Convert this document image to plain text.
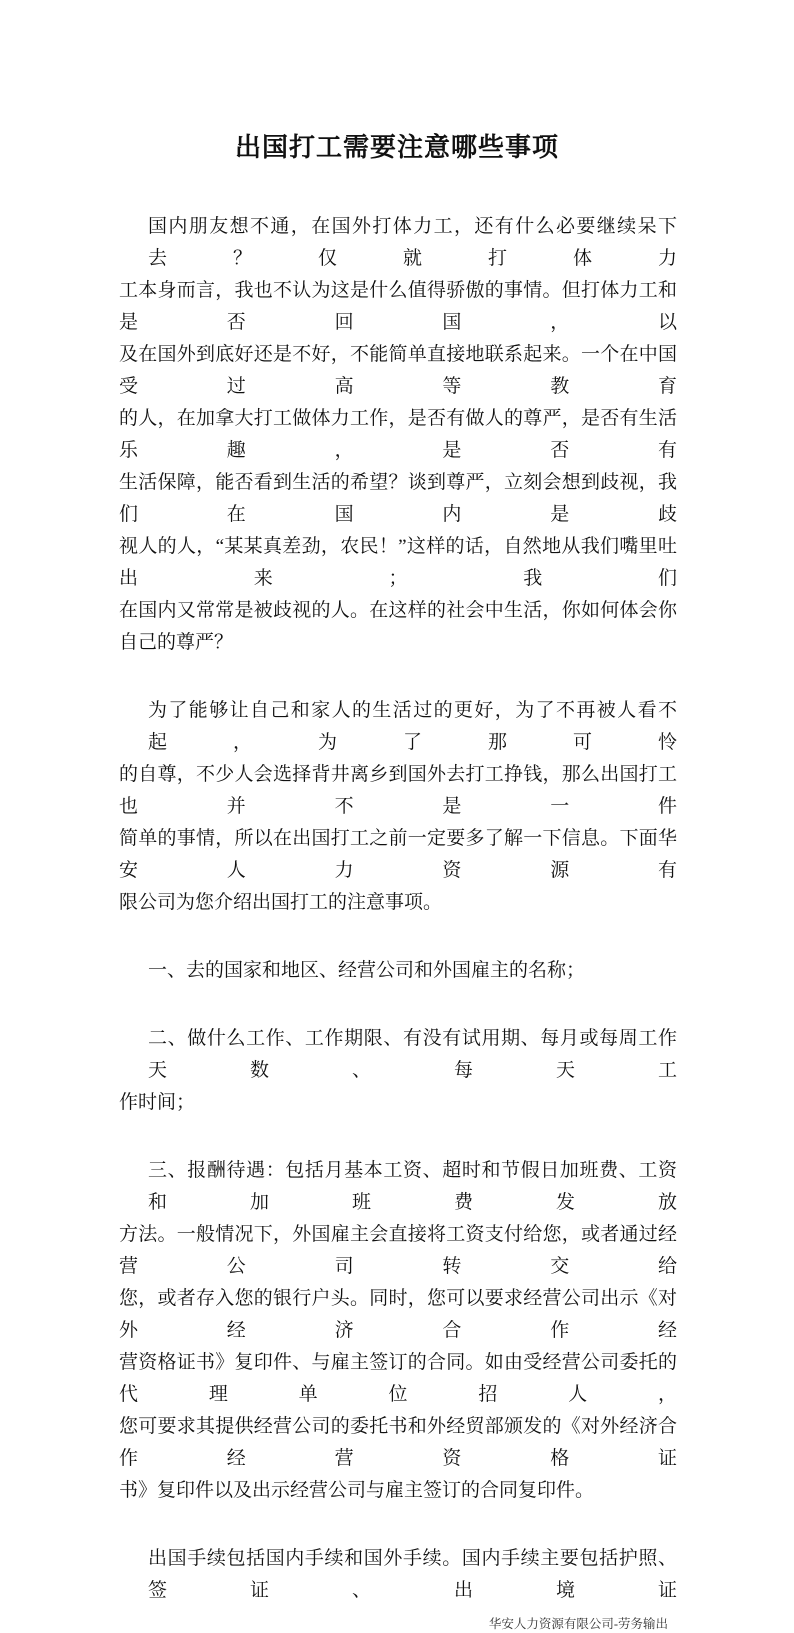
出国打工需要注意哪些事项
国内朋友想不通，在国外打体力工，还有什么必要继续呆下去？仅就打体力
工本身而言，我也不认为这是什么值得骄傲的事情。但打体力工和是否回国，以
及在国外到底好还是不好，不能简单直接地联系起来。一个在中国受过高等教育
的人，在加拿大打工做体力工作，是否有做人的尊严，是否有生活乐趣，是否有
生活保障，能否看到生活的希望？谈到尊严，立刻会想到歧视，我们在国内是歧
视人的人，“某某真差劲，农民！”这样的话，自然地从我们嘴里吐出来；我们
在国内又常常是被歧视的人。在这样的社会中生活，你如何体会你自己的尊严？
为了能够让自己和家人的生活过的更好，为了不再被人看不起，为了那可怜
的自尊，不少人会选择背井离乡到国外去打工挣钱，那么出国打工也并不是一件
简单的事情，所以在出国打工之前一定要多了解一下信息。下面华安人力资源有
限公司为您介绍出国打工的注意事项。
一、去的国家和地区、经营公司和外国雇主的名称；
二、做什么工作、工作期限、有没有试用期、每月或每周工作天数、每天工
作时间；
三、报酬待遇：包括月基本工资、超时和节假日加班费、工资和加班费发放
方法。一般情况下，外国雇主会直接将工资支付给您，或者通过经营公司转交给
您，或者存入您的银行户头。同时，您可以要求经营公司出示《对外经济合作经
营资格证书》复印件、与雇主签订的合同。如由受经营公司委托的代理单位招人，
您可要求其提供经营公司的委托书和外经贸部颁发的《对外经济合作经营资格证
书》复印件以及出示经营公司与雇主签订的合同复印件。
出国手续包括国内手续和国外手续。国内手续主要包括护照、签证、出境证
华安人力资源有限公司-劳务输出
